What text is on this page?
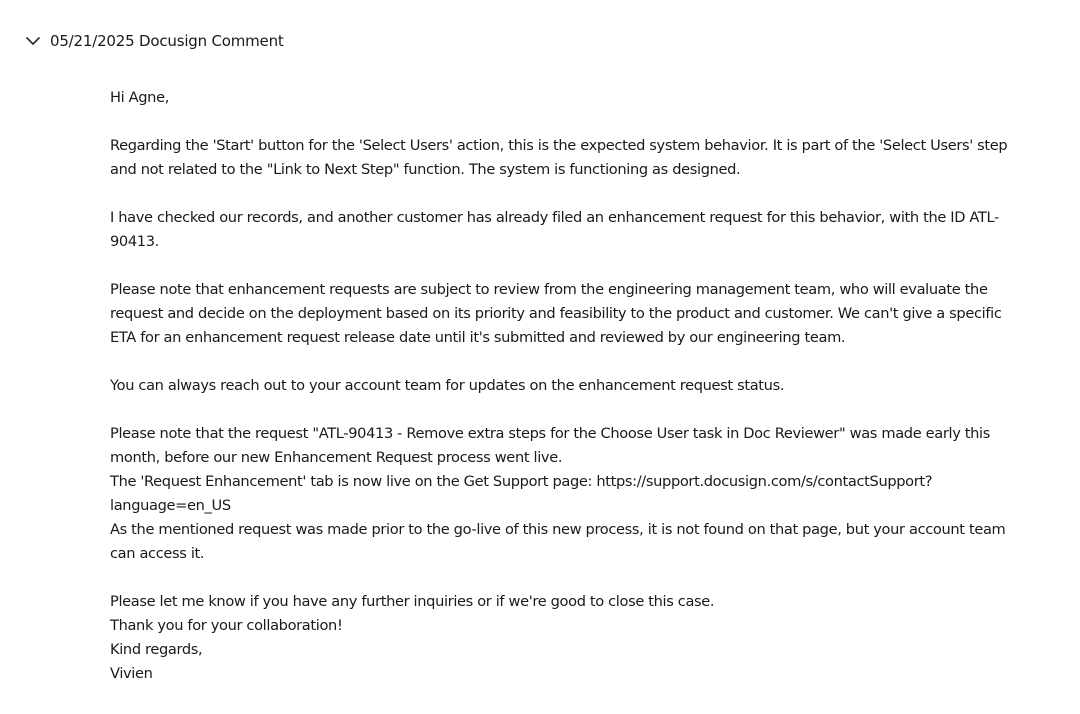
05/21/2025 Docusign Comment

Hi Agne,

Regarding the 'Start' button for the 'Select Users' action, this is the expected system behavior. It is part of the 'Select Users' step and not related to the "Link to Next Step" function. The system is functioning as designed.

I have checked our records, and another customer has already filed an enhancement request for this behavior, with the ID ATL-90413.

Please note that enhancement requests are subject to review from the engineering management team, who will evaluate the request and decide on the deployment based on its priority and feasibility to the product and customer. We can't give a specific ETA for an enhancement request release date until it's submitted and reviewed by our engineering team.

You can always reach out to your account team for updates on the enhancement request status.

Please note that the request "ATL-90413 - Remove extra steps for the Choose User task in Doc Reviewer" was made early this month, before our new Enhancement Request process went live.

The 'Request Enhancement' tab is now live on the Get Support page: https://support.docusign.com/s/contactSupport?language=en_US

As the mentioned request was made prior to the go-live of this new process, it is not found on that page, but your account team can access it.

Please let me know if you have any further inquiries or if we're good to close this case.

Thank you for your collaboration!

Kind regards,

Vivien
